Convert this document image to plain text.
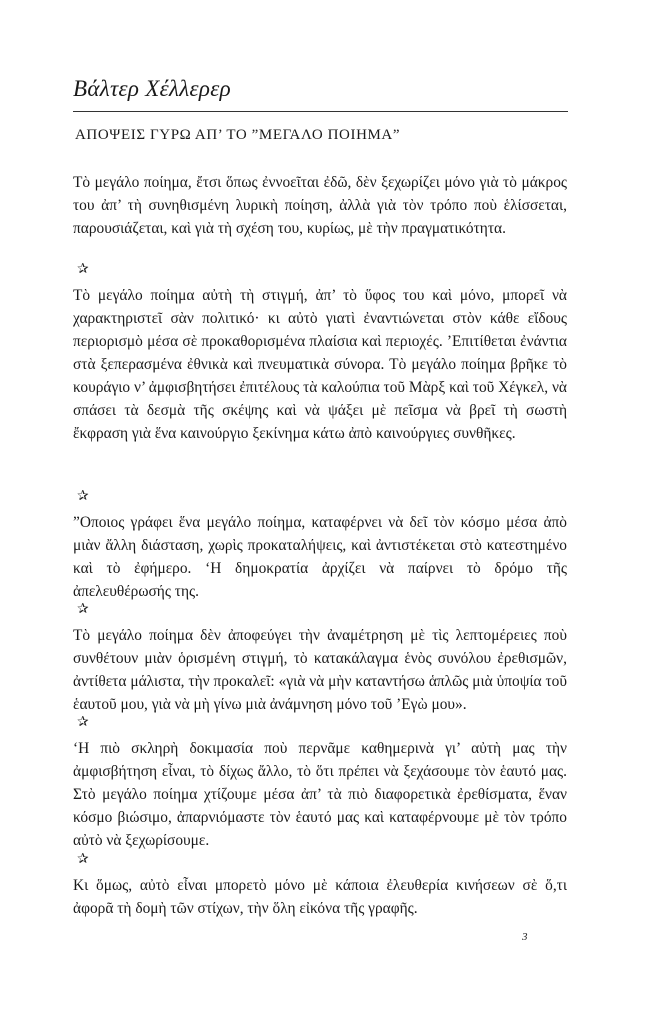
Βάλτερ Χέλλερερ
ΑΠΟΨΕΙΣ ΓΥΡΩ ΑΠ’ ΤΟ ”ΜΕΓΑΛΟ ΠΟΙΗΜΑ”

Τὸ μεγάλο ποίημα, ἔτσι ὅπως ἐννοεῖται ἐδῶ, δὲν ξεχωρίζει μόνο γιὰ τὸ μάκρος του ἀπ’ τὴ συνηθισμένη λυρικὴ ποίηση, ἀλλὰ γιὰ τὸν τρόπο ποὺ ἑλίσσεται, παρουσιάζεται, καὶ γιὰ τὴ σχέση του, κυρίως, μὲ τὴν πραγματικότητα.

✰

Τὸ μεγάλο ποίημα αὐτὴ τὴ στιγμή, ἀπ’ τὸ ὕφος του καὶ μόνο, μπορεῖ νὰ χαρακτηριστεῖ σὰν πολιτικό· κι αὐτὸ γιατὶ ἐναντιώνεται στὸν κάθε εἴδους περιορισμὸ μέσα σὲ προκαθορισμένα πλαίσια καὶ περιοχές. ’Επιτίθεται ἐνάντια στὰ ξεπερασμένα ἐθνικὰ καὶ πνευματικὰ σύνορα. Τὸ μεγάλο ποίημα βρῆκε τὸ κουράγιο ν’ ἀμφισβητήσει ἐπιτέλους τὰ καλούπια τοῦ Μὰρξ καὶ τοῦ Χέγκελ, νὰ σπάσει τὰ δεσμὰ τῆς σκέψης καὶ νὰ ψάξει μὲ πεῖσμα νὰ βρεῖ τὴ σωστὴ ἔκφραση γιὰ ἕνα καινούργιο ξεκίνημα κάτω ἀπὸ καινούργιες συνθῆκες.

✰

”Οποιος γράφει ἕνα μεγάλο ποίημα, καταφέρνει νὰ δεῖ τὸν κόσμο μέσα ἀπὸ μιὰν ἄλλη διάσταση, χωρὶς προκαταλήψεις, καὶ ἀντιστέκεται στὸ κατεστημένο καὶ τὸ ἐφήμερο. ‘Η δημοκρατία ἀρχίζει νὰ παίρνει τὸ δρόμο τῆς ἀπελευθέρωσής της.

✰

Τὸ μεγάλο ποίημα δὲν ἀποφεύγει τὴν ἀναμέτρηση μὲ τὶς λεπτομέρειες ποὺ συνθέτουν μιὰν ὁρισμένη στιγμή, τὸ κατακάλαγμα ἑνὸς συνόλου ἐρεθισμῶν, ἀντίθετα μάλιστα, τὴν προκαλεῖ: «γιὰ νὰ μὴν καταντήσω ἁπλῶς μιὰ ὑποψία τοῦ ἑαυτοῦ μου, γιὰ νὰ μὴ γίνω μιὰ ἀνάμνηση μόνο τοῦ ’Εγὼ μου».

✰

‘Η πιὸ σκληρὴ δοκιμασία ποὺ περνᾶμε καθημερινὰ γι’ αὐτὴ μας τὴν ἀμφισβήτηση εἶναι, τὸ δίχως ἄλλο, τὸ ὅτι πρέπει νὰ ξεχάσουμε τὸν ἑαυτό μας. Στὸ μεγάλο ποίημα χτίζουμε μέσα ἀπ’ τὰ πιὸ διαφορετικὰ ἐρεθίσματα, ἕναν κόσμο βιώσιμο, ἀπαρνιόμαστε τὸν ἑαυτό μας καὶ καταφέρνουμε μὲ τὸν τρόπο αὐτὸ νὰ ξεχωρίσουμε.

✰

Κι ὅμως, αὐτὸ εἶναι μπορετὸ μόνο μὲ κάποια ἐλευθερία κινήσεων σὲ ὅ,τι ἀφορᾶ τὴ δομὴ τῶν στίχων, τὴν ὅλη εἰκόνα τῆς γραφῆς.

3
